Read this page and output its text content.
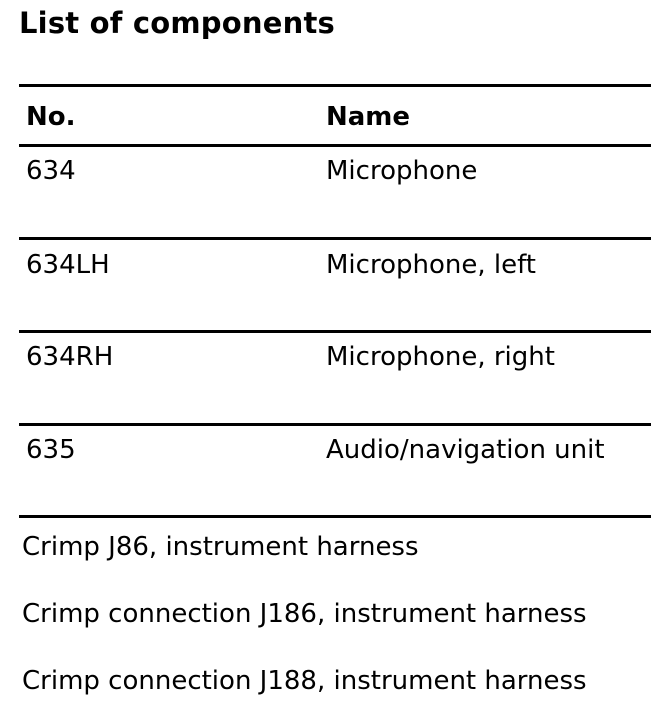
List of components
No.	Name
634	Microphone
634LH	Microphone, left
634RH	Microphone, right
635	Audio/navigation unit
Crimp J86, instrument harness
Crimp connection J186, instrument harness
Crimp connection J188, instrument harness
